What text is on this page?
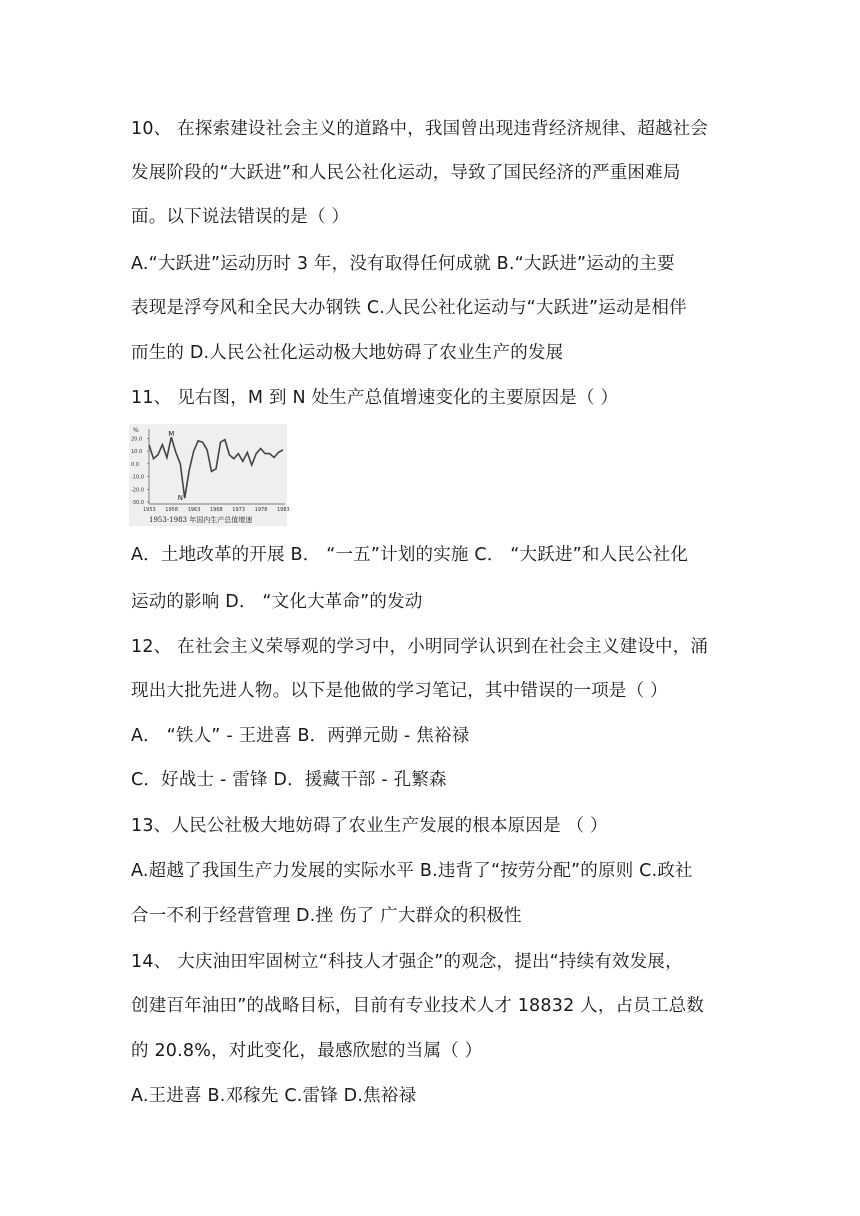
10、 在探索建设社会主义的道路中，我国曾出现违背经济规律、超越社会
发展阶段的“大跃进”和人民公社化运动，导致了国民经济的严重困难局
面。以下说法错误的是（ ）
A.“大跃进”运动历时 3 年，没有取得任何成就 B.“大跃进”运动的主要
表现是浮夸风和全民大办钢铁 C.人民公社化运动与“大跃进”运动是相伴
而生的 D.人民公社化运动极大地妨碍了农业生产的发展
11、 见右图，M 到 N 处生产总值增速变化的主要原因是（ ）
%
20.0
10.0
0.0
-10.0
-20.0
-30.0
1953 1958 1963 1968 1973 1978 1983
M
N
1953-1983 年国内生产总值增速
A．土地改革的开展 B． “一五”计划的实施 C． “大跃进”和人民公社化
运动的影响 D． “文化大革命”的发动
12、 在社会主义荣辱观的学习中，小明同学认识到在社会主义建设中，涌
现出大批先进人物。以下是他做的学习笔记，其中错误的一项是（ ）
A． “铁人” - 王进喜 B．两弹元勋 - 焦裕禄
C．好战士 - 雷锋 D．援藏干部 - 孔繁森
13、人民公社极大地妨碍了农业生产发展的根本原因是 （ ）
A.超越了我国生产力发展的实际水平 B.违背了“按劳分配”的原则 C.政社
合一不利于经营管理 D.挫 伤了 广大群众的积极性
14、 大庆油田牢固树立“科技人才强企”的观念，提出“持续有效发展，
创建百年油田”的战略目标，目前有专业技术人才 18832 人，占员工总数
的 20.8%，对此变化，最感欣慰的当属（ ）
A.王进喜 B.邓稼先 C.雷锋 D.焦裕禄
